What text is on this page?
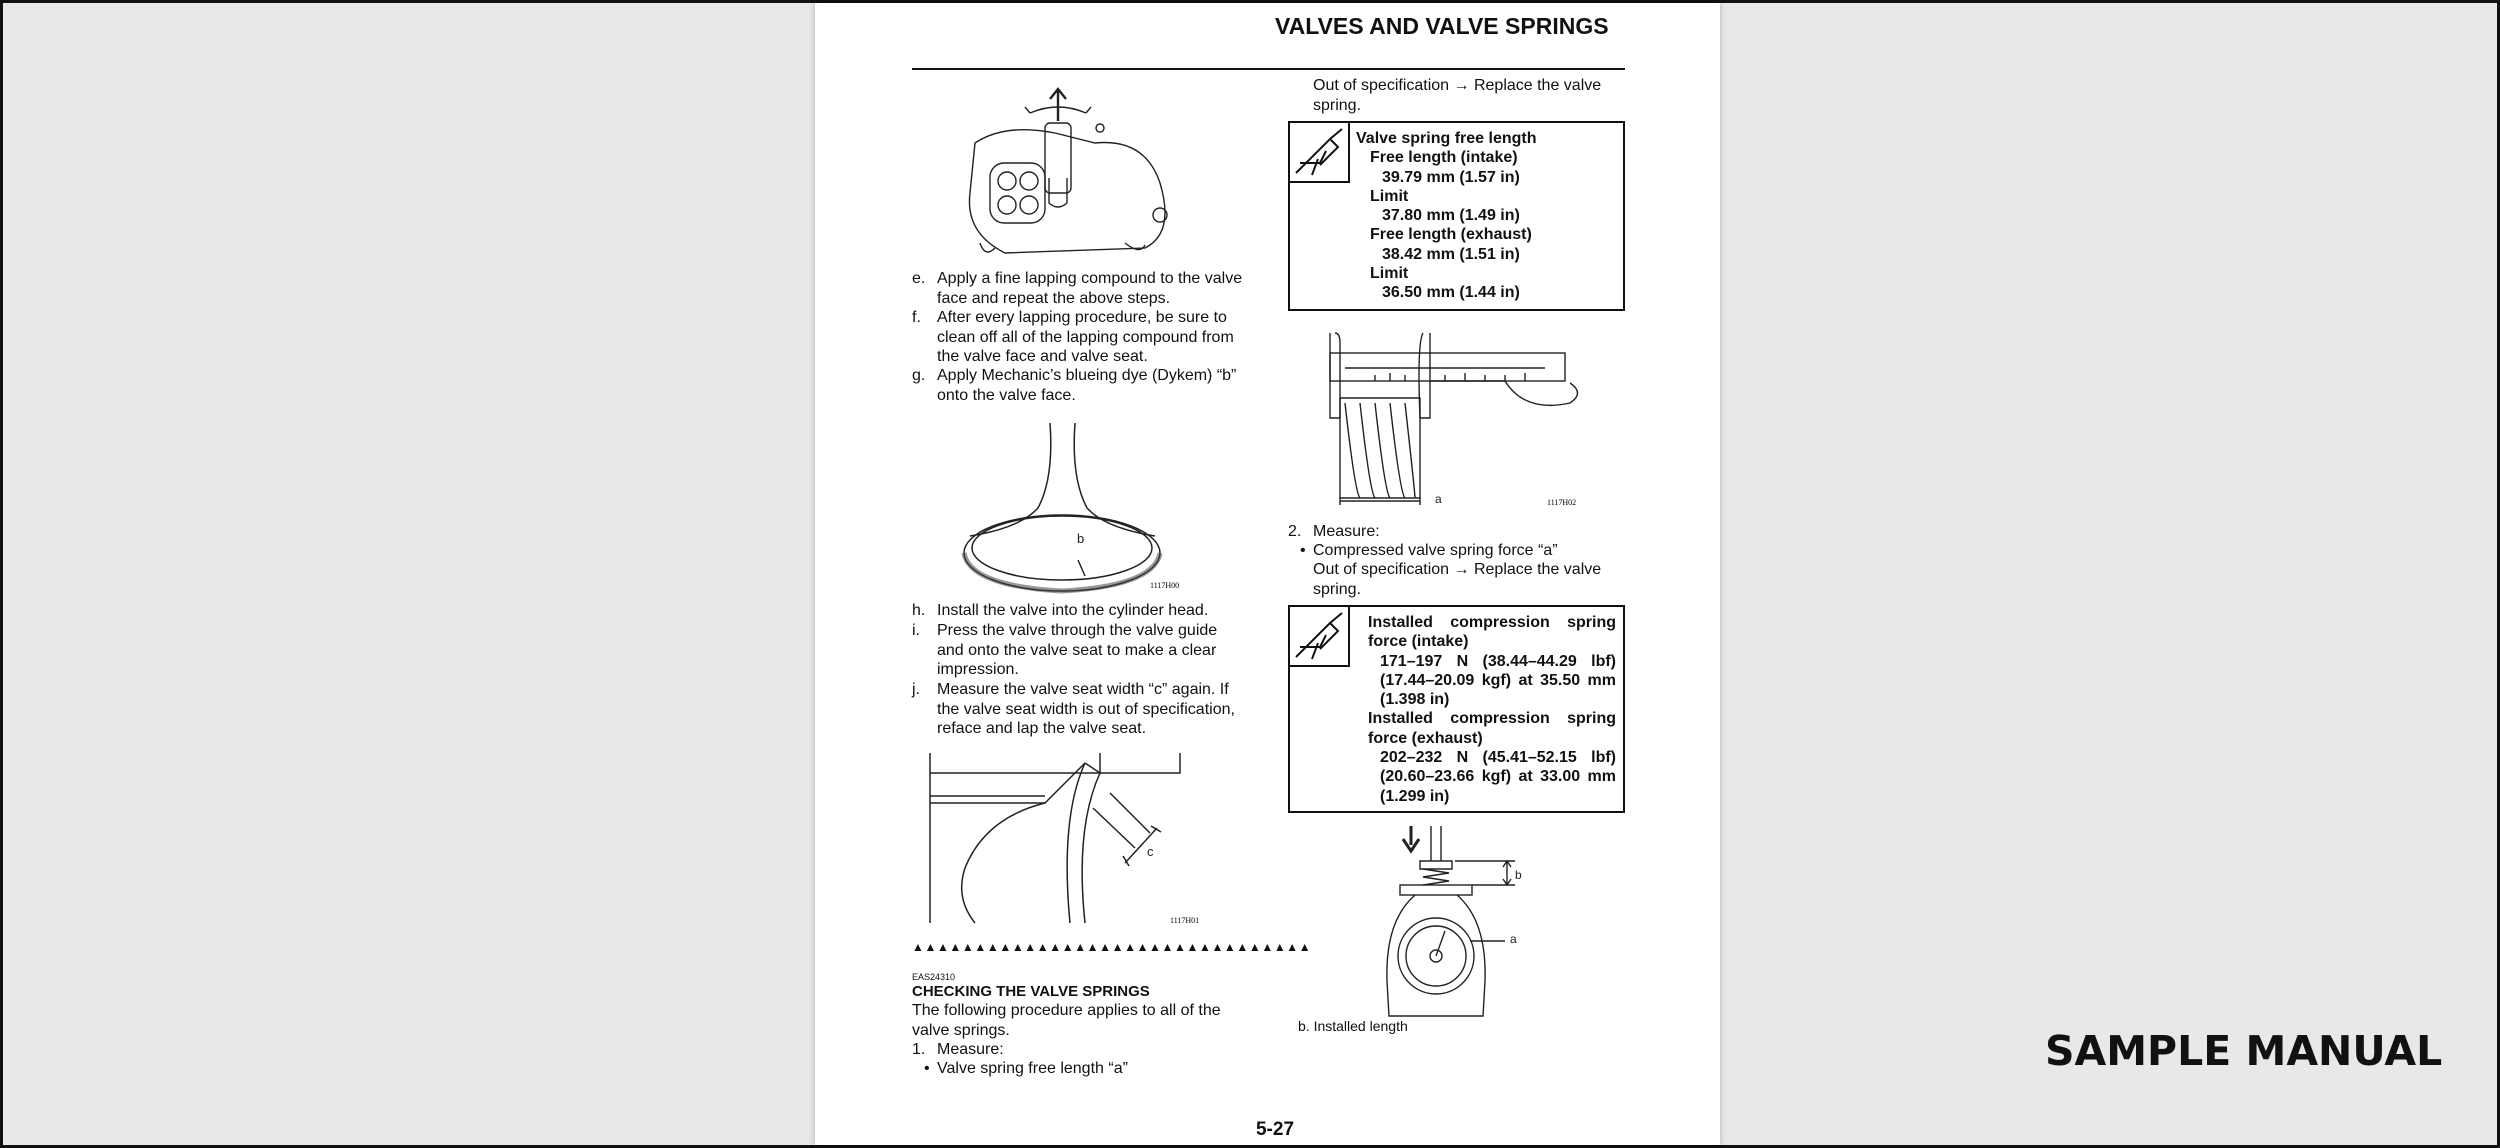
VALVES AND VALVE SPRINGS
e. Apply a fine lapping compound to the valve
face and repeat the above steps.
f. After every lapping procedure, be sure to
clean off all of the lapping compound from
the valve face and valve seat.
g. Apply Mechanic’s blueing dye (Dykem) “b”
onto the valve face.
b
1117H00
h. Install the valve into the cylinder head.
i. Press the valve through the valve guide
and onto the valve seat to make a clear
impression.
j. Measure the valve seat width “c” again. If
the valve seat width is out of specification,
reface and lap the valve seat.
c
1117H01
▲▲▲▲▲▲▲▲▲▲▲▲▲▲▲▲▲▲▲▲▲▲▲▲▲▲▲▲▲▲▲▲
EAS24310
CHECKING THE VALVE SPRINGS
The following procedure applies to all of the
valve springs.
1. Measure:
• Valve spring free length “a”
Out of specification → Replace the valve
spring.
Valve spring free length
Free length (intake)
39.79 mm (1.57 in)
Limit
37.80 mm (1.49 in)
Free length (exhaust)
38.42 mm (1.51 in)
Limit
36.50 mm (1.44 in)
a	1117H02
2. Measure:
• Compressed valve spring force “a”
Out of specification → Replace the valve
spring.
Installed compression spring
force (intake)
171–197 N (38.44–44.29 lbf)
(17.44–20.09 kgf) at 35.50 mm
(1.398 in)
Installed compression spring
force (exhaust)
202–232 N (45.41–52.15 lbf)
(20.60–23.66 kgf) at 33.00 mm
(1.299 in)
b
a
b. Installed length
5-27
SAMPLE MANUAL
